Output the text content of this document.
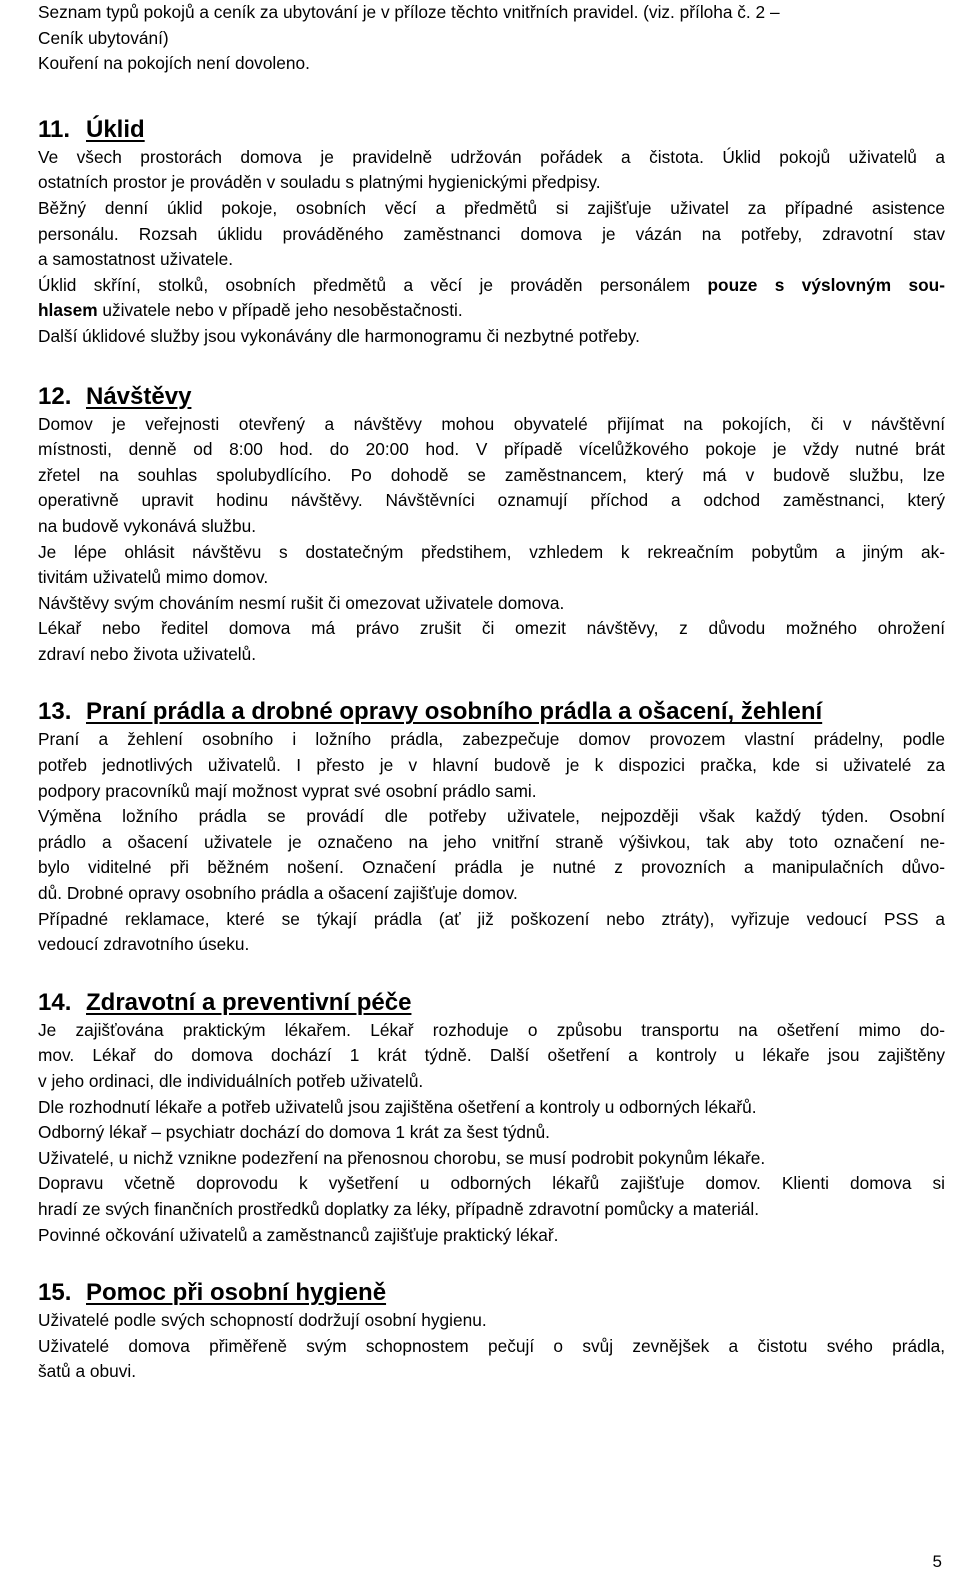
Seznam typů pokojů a ceník za ubytování je v příloze těchto vnitřních pravidel. (viz. příloha č. 2 –

Ceník ubytování)

Kouření na pokojích není dovoleno.

11. Úklid

Ve všech prostorách domova je pravidelně udržován pořádek a čistota. Úklid pokojů uživatelů a

ostatních prostor je prováděn v souladu s platnými hygienickými předpisy.

Běžný denní úklid pokoje, osobních věcí a předmětů si zajišťuje uživatel za případné asistence

personálu. Rozsah úklidu prováděného zaměstnanci domova je vázán na potřeby, zdravotní stav

a samostatnost uživatele.

Úklid skříní, stolků, osobních předmětů a věcí je prováděn personálem pouze s výslovným sou-

hlasem uživatele nebo v případě jeho nesoběstačnosti.

Další úklidové služby jsou vykonávány dle harmonogramu či nezbytné potřeby.

12. Návštěvy

Domov je veřejnosti otevřený a návštěvy mohou obyvatelé přijímat na pokojích, či v návštěvní

místnosti, denně od 8:00 hod. do 20:00 hod. V případě vícelůžkového pokoje je vždy nutné brát

zřetel na souhlas spolubydlícího. Po dohodě se zaměstnancem, který má v budově službu, lze

operativně upravit hodinu návštěvy. Návštěvníci oznamují příchod a odchod zaměstnanci, který

na budově vykonává službu.

Je lépe ohlásit návštěvu s dostatečným předstihem, vzhledem k rekreačním pobytům a jiným ak-

tivitám uživatelů mimo domov.

Návštěvy svým chováním nesmí rušit či omezovat uživatele domova.

Lékař nebo ředitel domova má právo zrušit či omezit návštěvy, z důvodu možného ohrožení

zdraví nebo života uživatelů.

13. Praní prádla a drobné opravy osobního prádla a ošacení, žehlení

Praní a žehlení osobního i ložního prádla, zabezpečuje domov provozem vlastní prádelny, podle

potřeb jednotlivých uživatelů. I přesto je v hlavní budově je k dispozici pračka, kde si uživatelé za

podpory pracovníků mají možnost vyprat své osobní prádlo sami.

Výměna ložního prádla se provádí dle potřeby uživatele, nejpozději však každý týden. Osobní

prádlo a ošacení uživatele je označeno na jeho vnitřní straně výšivkou, tak aby toto označení ne-

bylo viditelné při běžném nošení. Označení prádla je nutné z provozních a manipulačních důvo-

dů. Drobné opravy osobního prádla a ošacení zajišťuje domov.

Případné reklamace, které se týkají prádla (ať již poškození nebo ztráty), vyřizuje vedoucí PSS a

vedoucí zdravotního úseku.

14. Zdravotní a preventivní péče

Je zajišťována praktickým lékařem. Lékař rozhoduje o způsobu transportu na ošetření mimo do-

mov. Lékař do domova dochází 1 krát týdně. Další ošetření a kontroly u lékaře jsou zajištěny

v jeho ordinaci, dle individuálních potřeb uživatelů.

Dle rozhodnutí lékaře a potřeb uživatelů jsou zajištěna ošetření a kontroly u odborných lékařů.

Odborný lékař – psychiatr dochází do domova 1 krát za šest týdnů.

Uživatelé, u nichž vznikne podezření na přenosnou chorobu, se musí podrobit pokynům lékaře.

Dopravu včetně doprovodu k vyšetření u odborných lékařů zajišťuje domov. Klienti domova si

hradí ze svých finančních prostředků doplatky za léky, případně zdravotní pomůcky a materiál.

Povinné očkování uživatelů a zaměstnanců zajišťuje praktický lékař.

15. Pomoc při osobní hygieně

Uživatelé podle svých schopností dodržují osobní hygienu.

Uživatelé domova přiměřeně svým schopnostem pečují o svůj zevnějšek a čistotu svého prádla,

šatů a obuvi.

5
